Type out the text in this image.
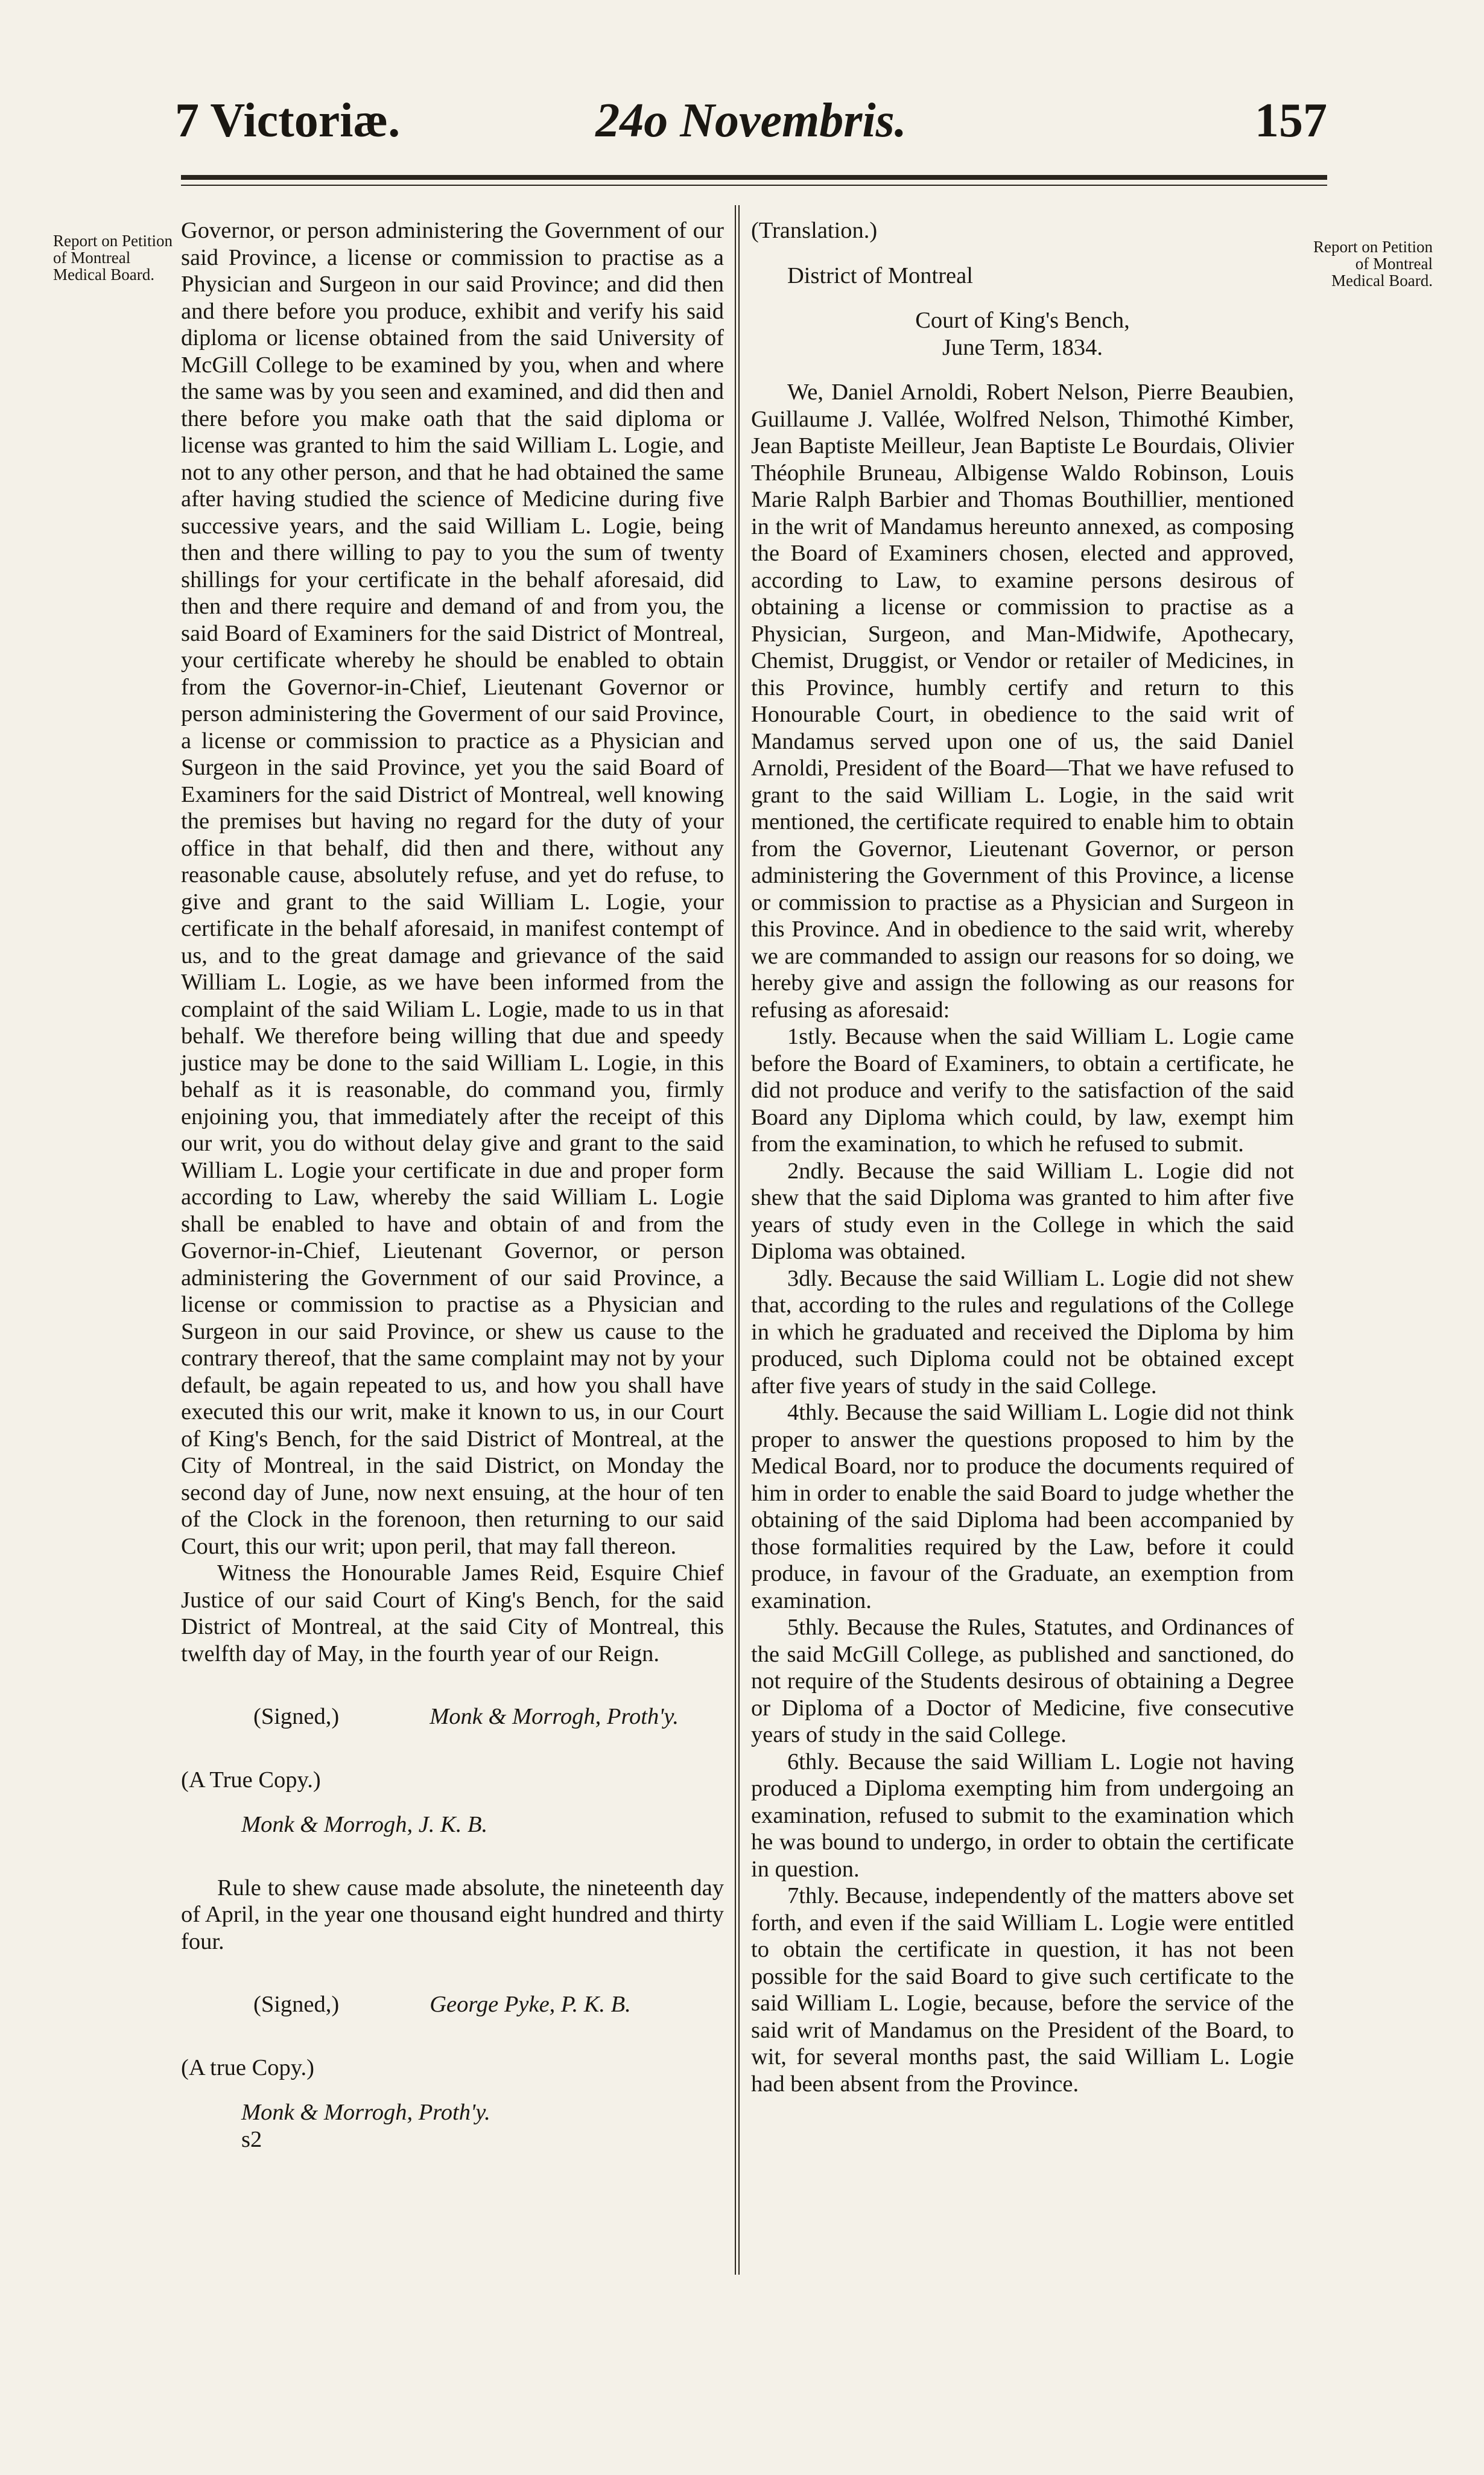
7 Victoriæ.	24o Novembris.	157
Report on Petition of Montreal Medical Board.
Report on Petition of Montreal Medical Board.

Governor, or person administering the Government of our said Province, a license or commission to practise as a Physician and Surgeon in our said Province; and did then and there before you produce, exhibit and verify his said diploma or license obtained from the said University of McGill College to be examined by you, when and where the same was by you seen and examined, and did then and there before you make oath that the said diploma or license was granted to him the said William L. Logie, and not to any other person, and that he had obtained the same after having studied the science of Medicine during five successive years, and the said William L. Logie, being then and there willing to pay to you the sum of twenty shillings for your certificate in the behalf aforesaid, did then and there require and demand of and from you, the said Board of Examiners for the said District of Montreal, your certificate whereby he should be enabled to obtain from the Governor-in-Chief, Lieutenant Governor or person administering the Goverment of our said Province, a license or commission to practice as a Physician and Surgeon in the said Province, yet you the said Board of Examiners for the said District of Montreal, well knowing the premises but having no regard for the duty of your office in that behalf, did then and there, without any reasonable cause, absolutely refuse, and yet do refuse, to give and grant to the said William L. Logie, your certificate in the behalf aforesaid, in manifest contempt of us, and to the great damage and grievance of the said William L. Logie, as we have been informed from the complaint of the said Wiliam L. Logie, made to us in that behalf. We therefore being willing that due and speedy justice may be done to the said William L. Logie, in this behalf as it is reasonable, do command you, firmly enjoining you, that immediately after the receipt of this our writ, you do without delay give and grant to the said William L. Logie your certificate in due and proper form according to Law, whereby the said William L. Logie shall be enabled to have and obtain of and from the Governor-in-Chief, Lieutenant Governor, or person administering the Government of our said Province, a license or commission to practise as a Physician and Surgeon in our said Province, or shew us cause to the contrary thereof, that the same complaint may not by your default, be again repeated to us, and how you shall have executed this our writ, make it known to us, in our Court of King's Bench, for the said District of Montreal, at the City of Montreal, in the said District, on Monday the second day of June, now next ensuing, at the hour of ten of the Clock in the forenoon, then returning to our said Court, this our writ; upon peril, that may fall thereon.

Witness the Honourable James Reid, Esquire Chief Justice of our said Court of King's Bench, for the said District of Montreal, at the said City of Montreal, this twelfth day of May, in the fourth year of our Reign.

(Signed,)	Monk & Morrogh, Proth'y.

(A True Copy.)

Monk & Morrogh, J. K. B.

Rule to shew cause made absolute, the nineteenth day of April, in the year one thousand eight hundred and thirty four.

(Signed,)	George Pyke, P. K. B.

(A true Copy.)

Monk & Morrogh, Proth'y.

s2

(Translation.)

District of Montreal

Court of King's Bench,

June Term, 1834.

We, Daniel Arnoldi, Robert Nelson, Pierre Beaubien, Guillaume J. Vallée, Wolfred Nelson, Thimothé Kimber, Jean Baptiste Meilleur, Jean Baptiste Le Bourdais, Olivier Théophile Bruneau, Albigense Waldo Robinson, Louis Marie Ralph Barbier and Thomas Bouthillier, mentioned in the writ of Mandamus hereunto annexed, as composing the Board of Examiners chosen, elected and approved, according to Law, to examine persons desirous of obtaining a license or commission to practise as a Physician, Surgeon, and Man-Midwife, Apothecary, Chemist, Druggist, or Vendor or retailer of Medicines, in this Province, humbly certify and return to this Honourable Court, in obedience to the said writ of Mandamus served upon one of us, the said Daniel Arnoldi, President of the Board—That we have refused to grant to the said William L. Logie, in the said writ mentioned, the certificate required to enable him to obtain from the Governor, Lieutenant Governor, or person administering the Government of this Province, a license or commission to practise as a Physician and Surgeon in this Province. And in obedience to the said writ, whereby we are commanded to assign our reasons for so doing, we hereby give and assign the following as our reasons for refusing as aforesaid:

1stly. Because when the said William L. Logie came before the Board of Examiners, to obtain a certificate, he did not produce and verify to the satisfaction of the said Board any Diploma which could, by law, exempt him from the examination, to which he refused to submit.

2ndly. Because the said William L. Logie did not shew that the said Diploma was granted to him after five years of study even in the College in which the said Diploma was obtained.

3dly. Because the said William L. Logie did not shew that, according to the rules and regulations of the College in which he graduated and received the Diploma by him produced, such Diploma could not be obtained except after five years of study in the said College.

4thly. Because the said William L. Logie did not think proper to answer the questions proposed to him by the Medical Board, nor to produce the documents required of him in order to enable the said Board to judge whether the obtaining of the said Diploma had been accompanied by those formalities required by the Law, before it could produce, in favour of the Graduate, an exemption from examination.

5thly. Because the Rules, Statutes, and Ordinances of the said McGill College, as published and sanctioned, do not require of the Students desirous of obtaining a Degree or Diploma of a Doctor of Medicine, five consecutive years of study in the said College.

6thly. Because the said William L. Logie not having produced a Diploma exempting him from undergoing an examination, refused to submit to the examination which he was bound to undergo, in order to obtain the certificate in question.

7thly. Because, independently of the matters above set forth, and even if the said William L. Logie were entitled to obtain the certificate in question, it has not been possible for the said Board to give such certificate to the said William L. Logie, because, before the service of the said writ of Mandamus on the President of the Board, to wit, for several months past, the said William L. Logie had been absent from the Province.
